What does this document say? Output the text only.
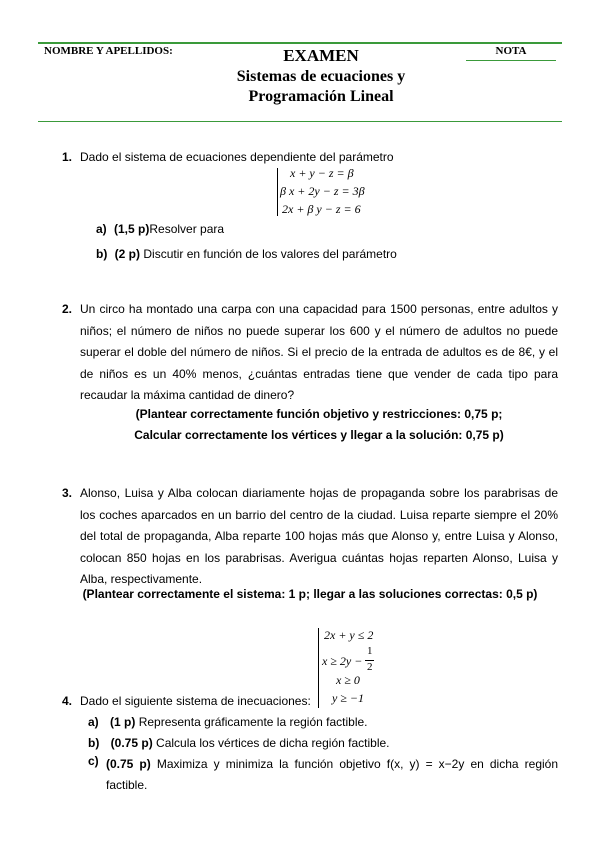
NOMBRE Y APELLIDOS:	EXAMEN
Sistemas de ecuaciones y
Programación Lineal
NOTA
1. Dado el sistema de ecuaciones dependiente del parámetro
x + y − z = β
β x + 2y − z = 3β
2x + β y − z = 6
a) (1,5 p)Resolver para
b) (2 p) Discutir en función de los valores del parámetro
2. Un circo ha montado una carpa con una capacidad para 1500 personas, entre adultos y niños; el número de niños no puede superar los 600 y el número de adultos no puede superar el doble del número de niños. Si el precio de la entrada de adultos es de 8€, y el de niños es un 40% menos, ¿cuántas entradas tiene que vender de cada tipo para recaudar la máxima cantidad de dinero?
(Plantear correctamente función objetivo y restricciones: 0,75 p;
Calcular correctamente los vértices y llegar a la solución: 0,75 p)
3. Alonso, Luisa y Alba colocan diariamente hojas de propaganda sobre los parabrisas de los coches aparcados en un barrio del centro de la ciudad. Luisa reparte siempre el 20% del total de propaganda, Alba reparte 100 hojas más que Alonso y, entre Luisa y Alonso, colocan 850 hojas en los parabrisas. Averigua cuántas hojas reparten Alonso, Luisa y Alba, respectivamente.
(Plantear correctamente el sistema: 1 p; llegar a las soluciones correctas: 0,5 p)
2x + y ≤ 2
x ≥ 2y −
1
2
x ≥ 0
y ≥ −1
4. Dado el siguiente sistema de inecuaciones:
a) (1 p) Representa gráficamente la región factible.
b) (0.75 p) Calcula los vértices de dicha región factible.
c) (0.75 p) Maximiza y minimiza la función objetivo f(x, y) = x−2y en dicha región factible.
